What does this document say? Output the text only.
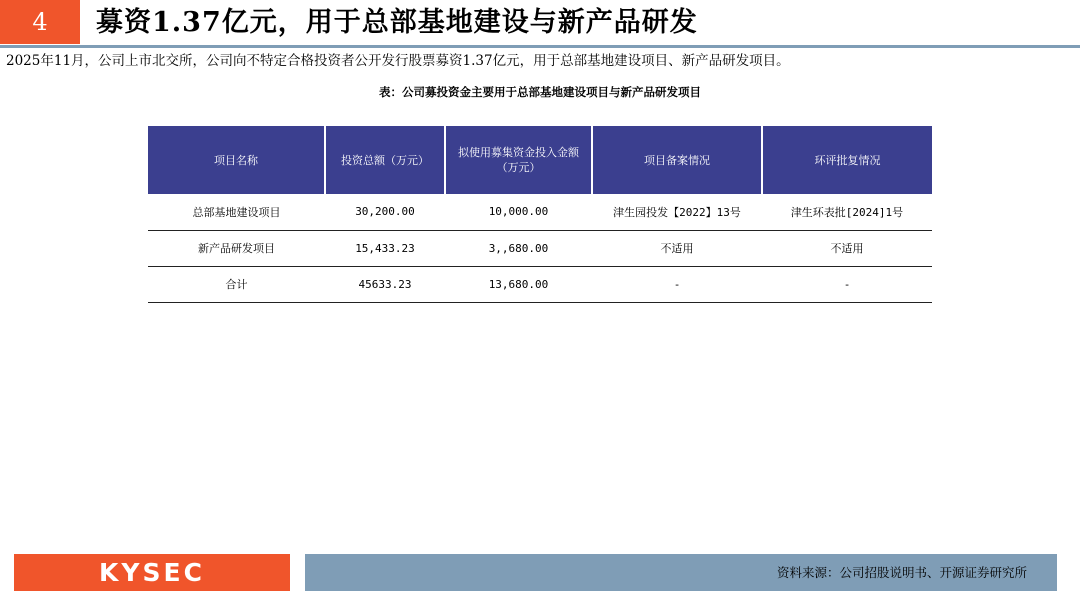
4	募资1.37亿元，用于总部基地建设与新产品研发
2025年11月，公司上市北交所，公司向不特定合格投资者公开发行股票募资1.37亿元，用于总部基地建设项目、新产品研发项目。
表：公司募投资金主要用于总部基地建设项目与新产品研发项目
项目名称	投资总额（万元）	拟使用募集资金投入金额（万元）	项目备案情况	环评批复情况
总部基地建设项目	30,200.00	10,000.00	津生园投发【2022】13号	津生环表批[2024]1号
新产品研发项目	15,433.23	3,,680.00	不适用	不适用
合计	45633.23	13,680.00	-	-
KYSEC	资料来源：公司招股说明书、开源证券研究所
